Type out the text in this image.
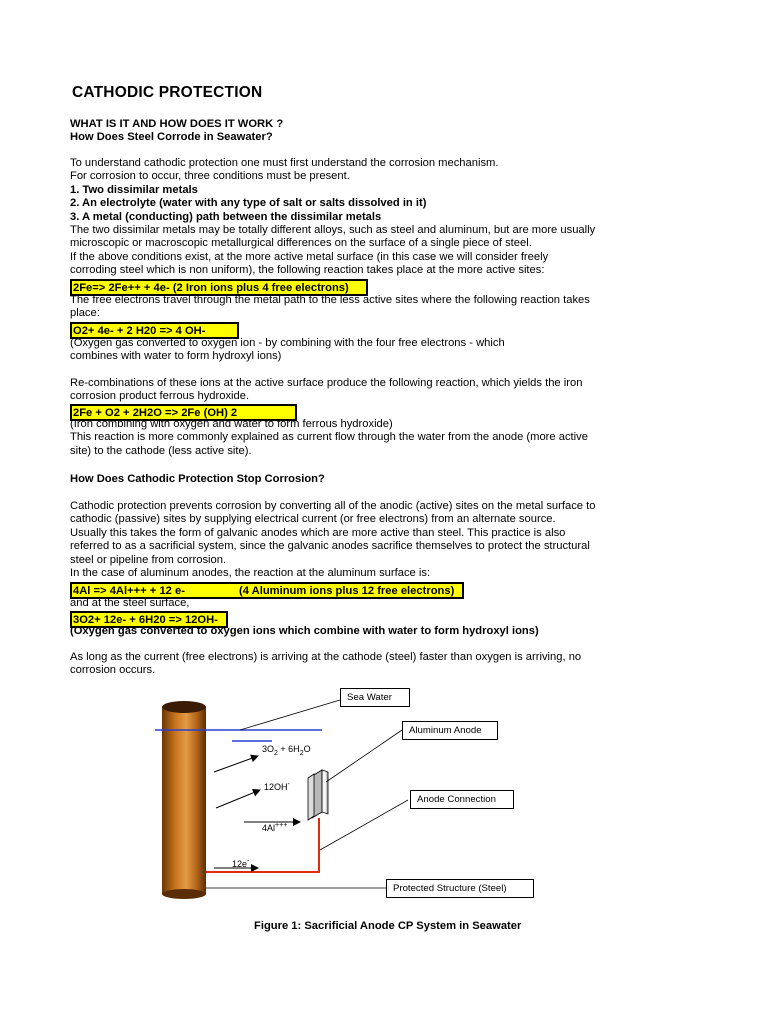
CATHODIC PROTECTION

WHAT IS IT AND HOW DOES IT WORK ?

How Does Steel Corrode in Seawater?

To understand cathodic protection one must first understand the corrosion mechanism.

For corrosion to occur, three conditions must be present.

1. Two dissimilar metals

2. An electrolyte (water with any type of salt or salts dissolved in it)

3. A metal (conducting) path between the dissimilar metals

The two dissimilar metals may be totally different alloys, such as steel and aluminum, but are more usually

microscopic or macroscopic metallurgical differences on the surface of a single piece of steel.

If the above conditions exist, at the more active metal surface (in this case we will consider freely

corroding steel which is non uniform), the following reaction takes place at the more active sites:

2Fe=> 2Fe++ + 4e- (2 Iron ions plus 4 free electrons)

The free electrons travel through the metal path to the less active sites where the following reaction takes

place:

O2+ 4e- + 2 H20 => 4 OH-

(Oxygen gas converted to oxygen ion - by combining with the four free electrons - which

combines with water to form hydroxyl ions)

Re-combinations of these ions at the active surface produce the following reaction, which yields the iron

corrosion product ferrous hydroxide.

2Fe + O2 + 2H2O => 2Fe (OH) 2

(Iron combining with oxygen and water to form ferrous hydroxide)

This reaction is more commonly explained as current flow through the water from the anode (more active

site) to the cathode (less active site).

How Does Cathodic Protection Stop Corrosion?

Cathodic protection prevents corrosion by converting all of the anodic (active) sites on the metal surface to

cathodic (passive) sites by supplying electrical current (or free electrons) from an alternate source.

Usually this takes the form of galvanic anodes which are more active than steel. This practice is also

referred to as a sacrificial system, since the galvanic anodes sacrifice themselves to protect the structural

steel or pipeline from corrosion.

In the case of aluminum anodes, the reaction at the aluminum surface is:

4Al => 4Al+++ + 12 e-	(4 Aluminum ions plus 12 free electrons)

and at the steel surface,

3O2+ 12e- + 6H20 => 12OH-

(Oxygen gas converted to oxygen ions which combine with water to form hydroxyl ions)

As long as the current (free electrons) is arriving at the cathode (steel) faster than oxygen is arriving, no

corrosion occurs.

Figure 1: Sacrificial Anode CP System in Seawater
Sea Water
Aluminum Anode
Anode Connection
Protected Structure (Steel)
$3O_2 + 6H_2O$
12OH-
4Al+++
12e-
